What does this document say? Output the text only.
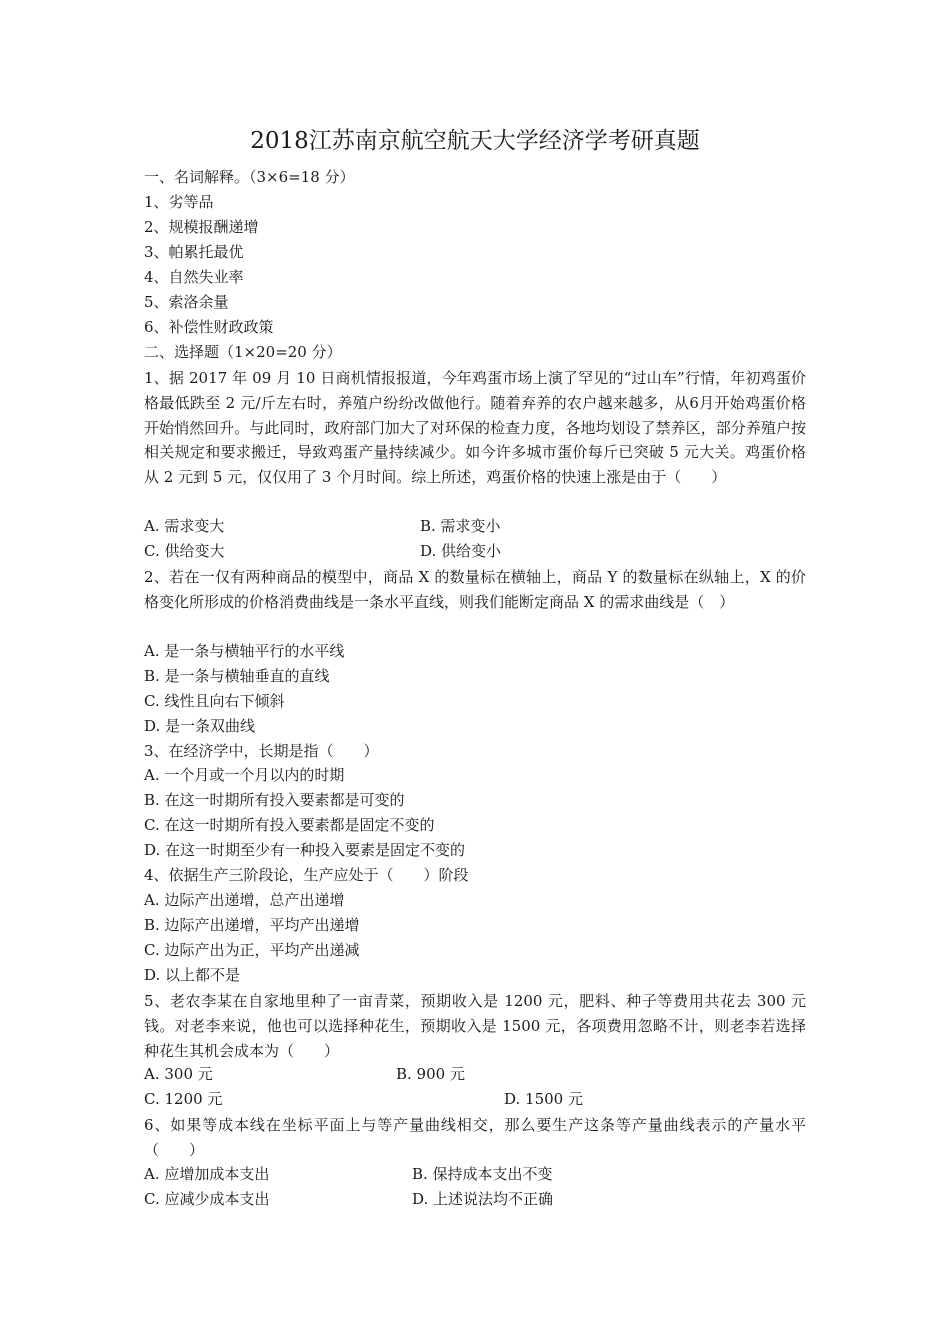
2018江苏南京航空航天大学经济学考研真题
一、名词解释。（3×6=18 分）
1、劣等品
2、规模报酬递增
3、帕累托最优
4、自然失业率
5、索洛余量
6、补偿性财政政策
二、选择题（1×20=20 分）
1、据 2017 年 09 月 10 日商机情报报道，今年鸡蛋市场上演了罕见的“过山车”行情，年初鸡蛋价格最低跌至 2 元/斤左右时，养殖户纷纷改做他行。随着弃养的农户越来越多，从6月开始鸡蛋价格开始悄然回升。与此同时，政府部门加大了对环保的检查力度，各地均划设了禁养区，部分养殖户按相关规定和要求搬迁，导致鸡蛋产量持续减少。如今许多城市蛋价每斤已突破 5 元大关。鸡蛋价格从 2 元到 5 元，仅仅用了 3 个月时间。综上所述，鸡蛋价格的快速上涨是由于（　　）
A. 需求变大	B. 需求变小
C. 供给变大	D. 供给变小
2、若在一仅有两种商品的模型中，商品 X 的数量标在横轴上，商品 Y 的数量标在纵轴上，X 的价格变化所形成的价格消费曲线是一条水平直线，则我们能断定商品 X 的需求曲线是（　）
A. 是一条与横轴平行的水平线
B. 是一条与横轴垂直的直线
C. 线性且向右下倾斜
D. 是一条双曲线
3、在经济学中，长期是指（　　）
A. 一个月或一个月以内的时期
B. 在这一时期所有投入要素都是可变的
C. 在这一时期所有投入要素都是固定不变的
D. 在这一时期至少有一种投入要素是固定不变的
4、依据生产三阶段论，生产应处于（　　）阶段
A. 边际产出递增，总产出递增
B. 边际产出递增，平均产出递增
C. 边际产出为正，平均产出递减
D. 以上都不是
5、老农李某在自家地里种了一亩青菜，预期收入是 1200 元，肥料、种子等费用共花去 300 元钱。对老李来说，他也可以选择种花生，预期收入是 1500 元，各项费用忽略不计，则老李若选择种花生其机会成本为（　　）
A. 300 元	B. 900 元
C. 1200 元	D. 1500 元
6、如果等成本线在坐标平面上与等产量曲线相交，那么要生产这条等产量曲线表示的产量水平（　　）
A. 应增加成本支出	B. 保持成本支出不变
C. 应减少成本支出	D. 上述说法均不正确
